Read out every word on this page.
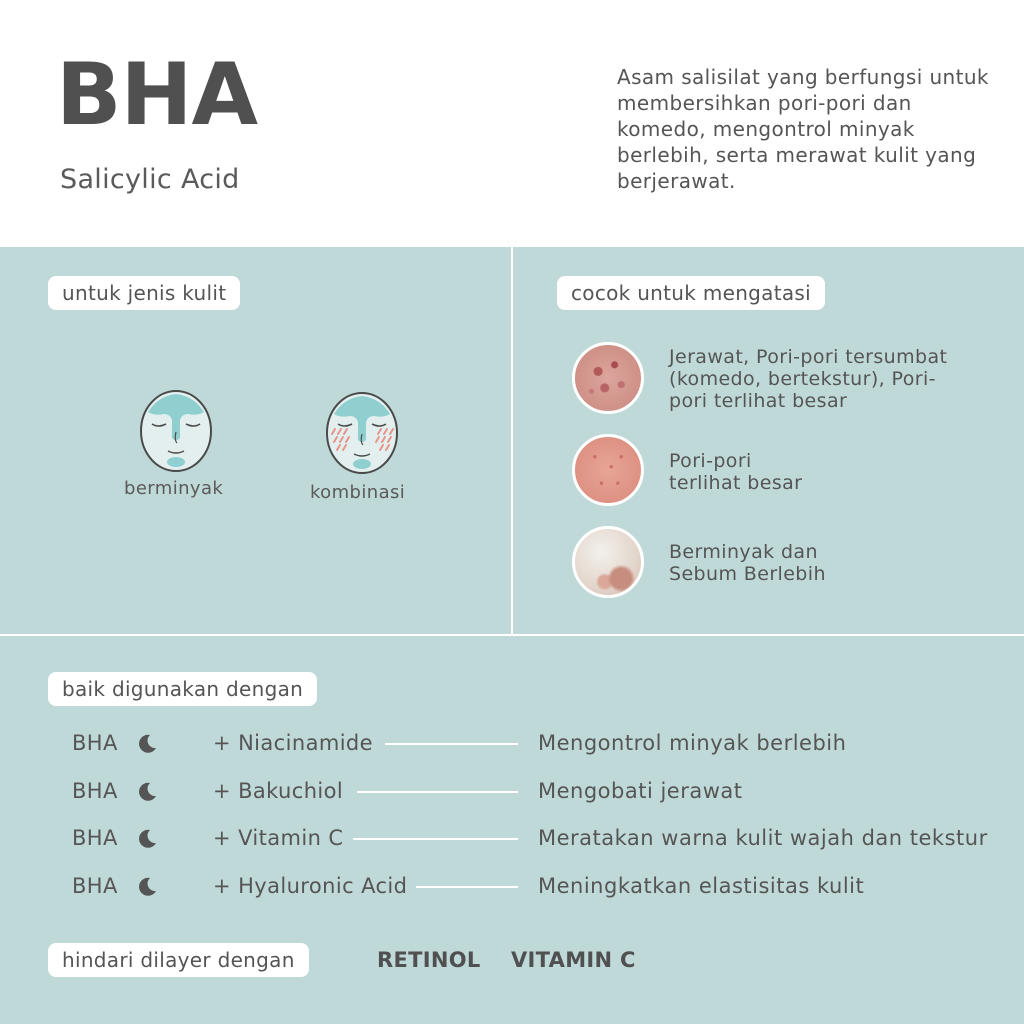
BHA
Salicylic Acid
Asam salisilat yang berfungsi untuk membersihkan pori-pori dan komedo, mengontrol minyak berlebih, serta merawat kulit yang berjerawat.
untuk jenis kulit
berminyak	kombinasi
cocok untuk mengatasi
Jerawat, Pori-pori tersumbat
(komedo, bertekstur), Pori-
pori terlihat besar
Pori-pori
terlihat besar
Berminyak dan
Sebum Berlebih
baik digunakan dengan
BHA	+ Niacinamide	Mengontrol minyak berlebih
BHA	+ Bakuchiol	Mengobati jerawat
BHA	+ Vitamin C	Meratakan warna kulit wajah dan tekstur
BHA	+ Hyaluronic Acid	Meningkatkan elastisitas kulit
hindari dilayer dengan	RETINOL VITAMIN C
